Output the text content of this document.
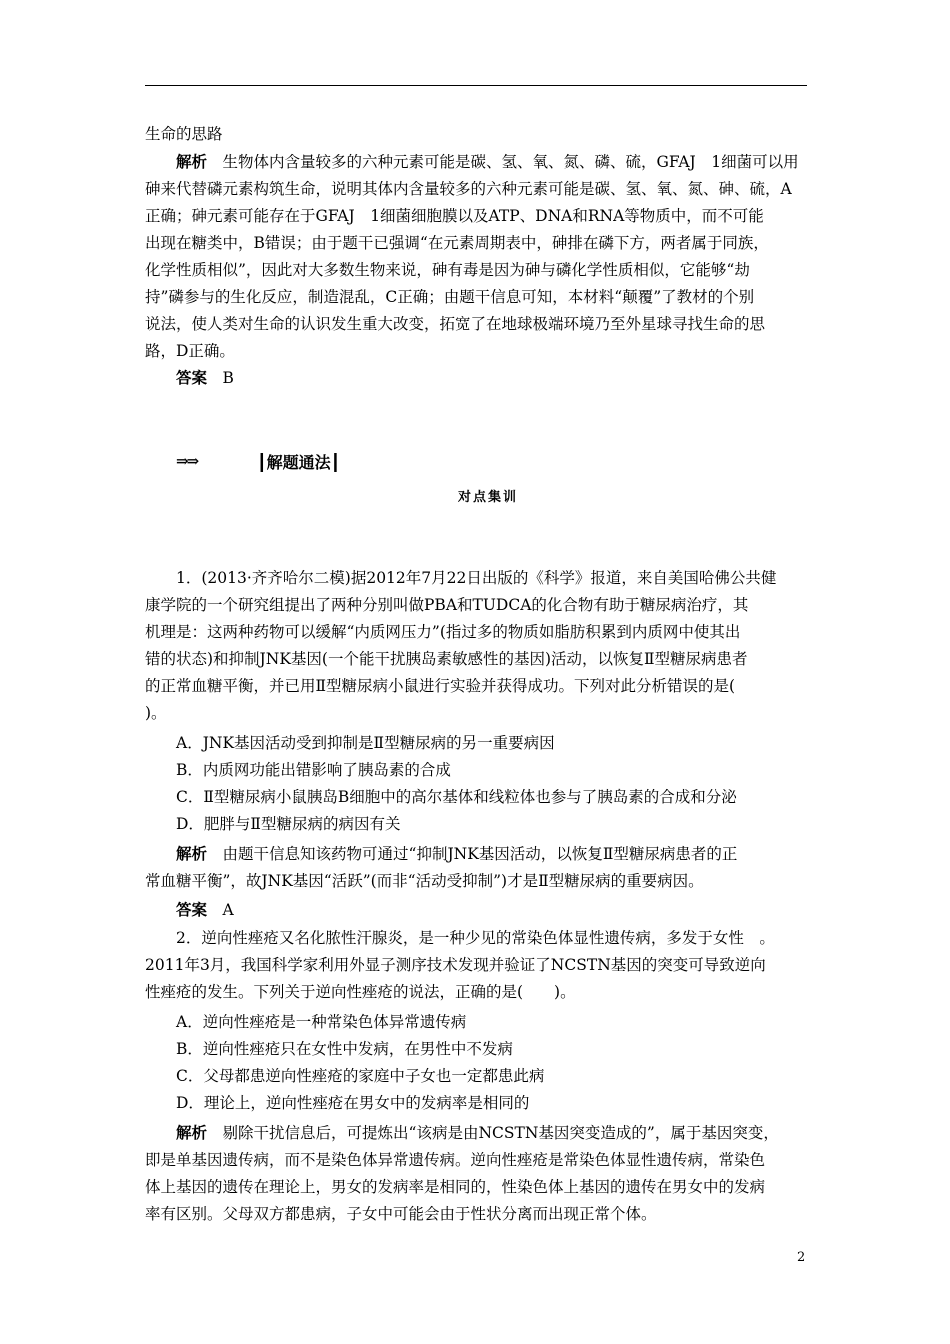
生命的思路
解析　 生物体内含量较多的六种元素可能是碳、氢、氧、氮、磷、硫，GFAJ　1细菌可以用
砷来代替磷元素构筑生命，说明其体内含量较多的六种元素可能是碳、氢、氧、氮、砷、硫，A
正确；砷元素可能存在于GFAJ　1细菌细胞膜以及ATP、DNA和RNA等物质中，而不可能
出现在糖类中，B错误；由于题干已强调“在元素周期表中，砷排在磷下方，两者属于同族，
化学性质相似”，因此对大多数生物来说，砷有毒是因为砷与磷化学性质相似，它能够“劫
持”磷参与的生化反应，制造混乱，C正确；由题干信息可知，本材料“颠覆”了教材的个别
说法，使人类对生命的认识发生重大改变，拓宽了在地球极端环境乃至外星球寻找生命的思
路，D正确。
答案　 B
⇒⇒	┃解题通法┃
对点集训
1．(2013·齐齐哈尔二模)据2012年7月22日出版的《科学》报道，来自美国哈佛公共健
康学院的一个研究组提出了两种分别叫做PBA和TUDCA的化合物有助于糖尿病治疗，其
机理是：这两种药物可以缓解“内质网压力”(指过多的物质如脂肪积累到内质网中使其出
错的状态)和抑制JNK基因(一个能干扰胰岛素敏感性的基因)活动，以恢复Ⅱ型糖尿病患者
的正常血糖平衡，并已用Ⅱ型糖尿病小鼠进行实验并获得成功。下列对此分析错误的是(
)。
A．JNK基因活动受到抑制是Ⅱ型糖尿病的另一重要病因
B．内质网功能出错影响了胰岛素的合成
C．Ⅱ型糖尿病小鼠胰岛B细胞中的高尔基体和线粒体也参与了胰岛素的合成和分泌
D．肥胖与Ⅱ型糖尿病的病因有关
解析　 由题干信息知该药物可通过“抑制JNK基因活动，以恢复Ⅱ型糖尿病患者的正
常血糖平衡”，故JNK基因“活跃”(而非“活动受抑制”)才是Ⅱ型糖尿病的重要病因。
答案　 A
2．逆向性痤疮又名化脓性汗腺炎，是一种少见的常染色体显性遗传病，多发于女性　。
2011年3月，我国科学家利用外显子测序技术发现并验证了NCSTN基因的突变可导致逆向
性痤疮的发生。下列关于逆向性痤疮的说法，正确的是(　　)。
A．逆向性痤疮是一种常染色体异常遗传病
B．逆向性痤疮只在女性中发病，在男性中不发病
C．父母都患逆向性痤疮的家庭中子女也一定都患此病
D．理论上，逆向性痤疮在男女中的发病率是相同的
解析　 剔除干扰信息后，可提炼出“该病是由NCSTN基因突变造成的”，属于基因突变，
即是单基因遗传病，而不是染色体异常遗传病。逆向性痤疮是常染色体显性遗传病，常染色
体上基因的遗传在理论上，男女的发病率是相同的，性染色体上基因的遗传在男女中的发病
率有区别。父母双方都患病，子女中可能会由于性状分离而出现正常个体。
2
